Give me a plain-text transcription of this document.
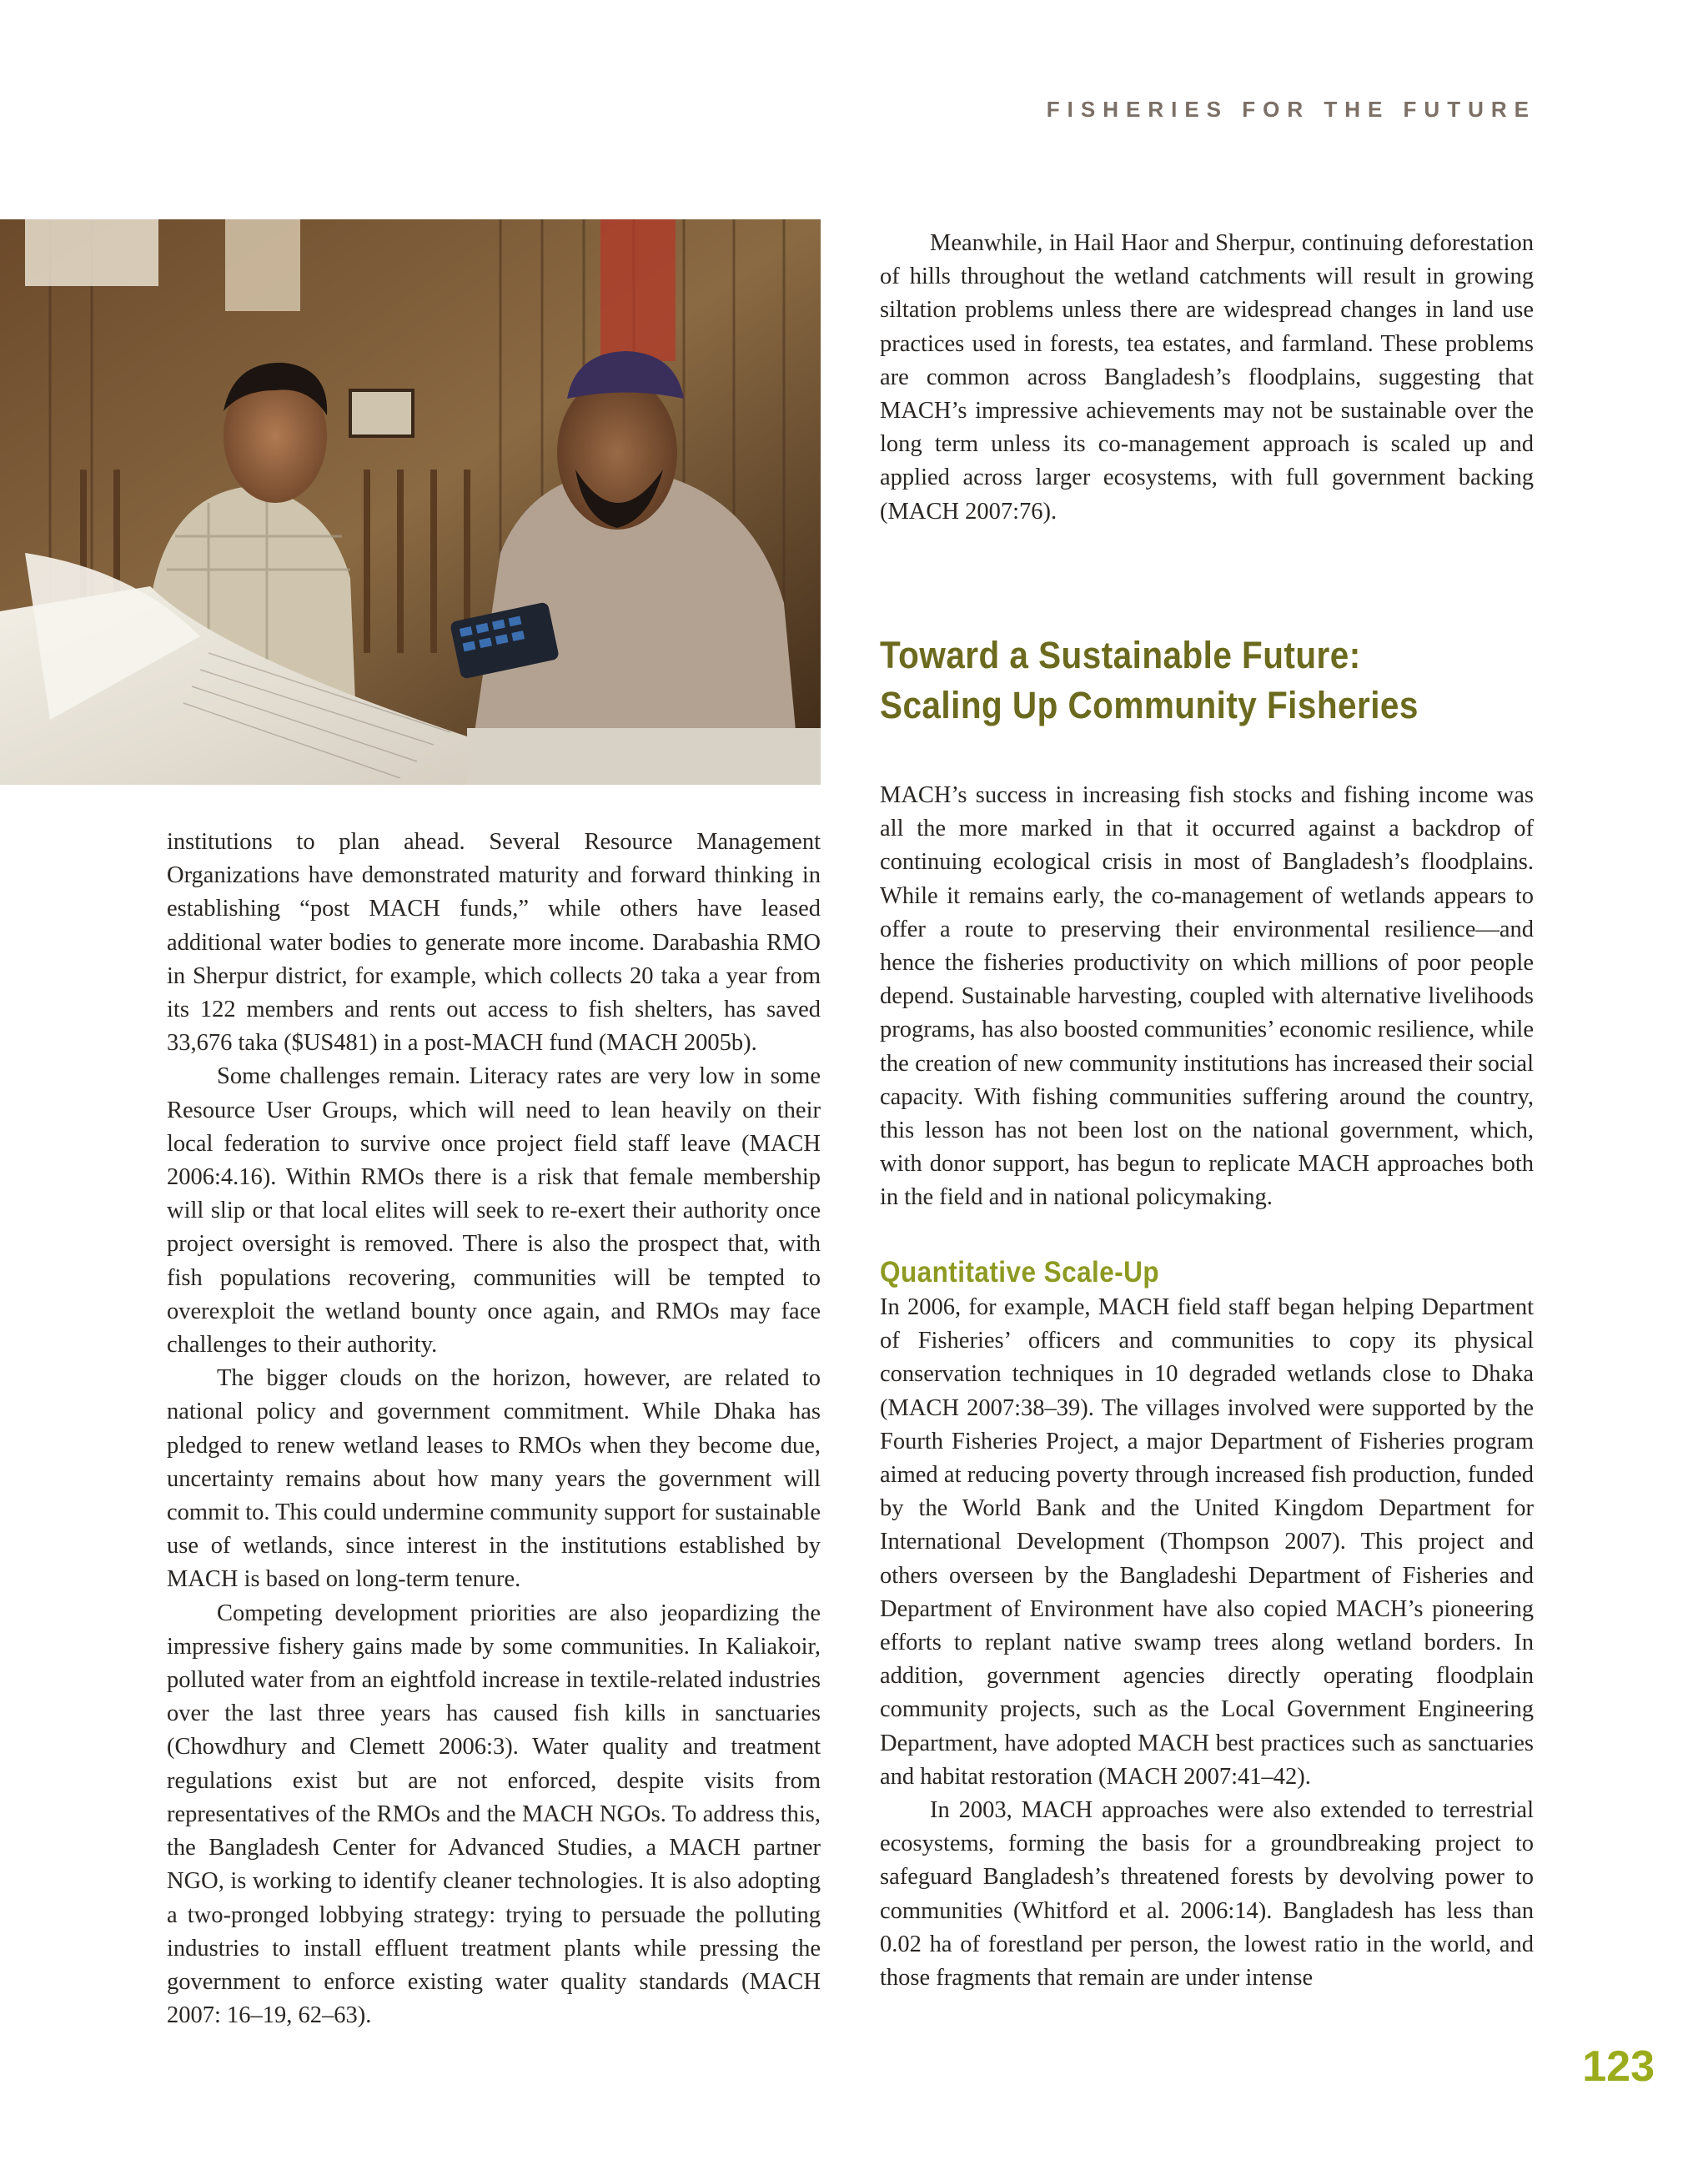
FISHERIES FOR THE FUTURE

institutions to plan ahead. Several Resource Management Organizations have demonstrated maturity and forward thinking in establishing “post MACH funds,” while others have leased additional water bodies to generate more income. Darabashia RMO in Sherpur district, for example, which collects 20 taka a year from its 122 members and rents out access to fish shelters, has saved 33,676 taka ($US481) in a post-MACH fund (MACH 2005b).

Some challenges remain. Literacy rates are very low in some Resource User Groups, which will need to lean heavily on their local federation to survive once project field staff leave (MACH 2006:4.16). Within RMOs there is a risk that female membership will slip or that local elites will seek to re-exert their authority once project oversight is removed. There is also the prospect that, with fish populations recovering, communities will be tempted to overexploit the wetland bounty once again, and RMOs may face challenges to their authority.

The bigger clouds on the horizon, however, are related to national policy and government commitment. While Dhaka has pledged to renew wetland leases to RMOs when they become due, uncertainty remains about how many years the government will commit to. This could undermine community support for sustainable use of wetlands, since interest in the institutions established by MACH is based on long-term tenure.

Competing development priorities are also jeopardizing the impressive fishery gains made by some communities. In Kaliakoir, polluted water from an eightfold increase in textile-related industries over the last three years has caused fish kills in sanctuaries (Chowdhury and Clemett 2006:3). Water quality and treatment regulations exist but are not enforced, despite visits from representatives of the RMOs and the MACH NGOs. To address this, the Bangladesh Center for Advanced Studies, a MACH partner NGO, is working to identify cleaner technologies. It is also adopting a two-pronged lobbying strategy: trying to persuade the polluting industries to install effluent treatment plants while pressing the government to enforce existing water quality standards (MACH 2007: 16–19, 62–63).

Meanwhile, in Hail Haor and Sherpur, continuing deforestation of hills throughout the wetland catchments will result in growing siltation problems unless there are widespread changes in land use practices used in forests, tea estates, and farmland. These problems are common across Bangladesh’s floodplains, suggesting that MACH’s impressive achievements may not be sustainable over the long term unless its co-management approach is scaled up and applied across larger ecosystems, with full government backing (MACH 2007:76).

Toward a Sustainable Future:
Scaling Up Community Fisheries

MACH’s success in increasing fish stocks and fishing income was all the more marked in that it occurred against a backdrop of continuing ecological crisis in most of Bangladesh’s floodplains. While it remains early, the co-management of wetlands appears to offer a route to preserving their environmental resilience—and hence the fisheries productivity on which millions of poor people depend. Sustainable harvesting, coupled with alternative livelihoods programs, has also boosted communities’ economic resilience, while the creation of new community institutions has increased their social capacity. With fishing communities suffering around the country, this lesson has not been lost on the national government, which, with donor support, has begun to replicate MACH approaches both in the field and in national policymaking.

Quantitative Scale-Up

In 2006, for example, MACH field staff began helping Department of Fisheries’ officers and communities to copy its physical conservation techniques in 10 degraded wetlands close to Dhaka (MACH 2007:38–39). The villages involved were supported by the Fourth Fisheries Project, a major Department of Fisheries program aimed at reducing poverty through increased fish production, funded by the World Bank and the United Kingdom Department for International Development (Thompson 2007). This project and others overseen by the Bangladeshi Department of Fisheries and Department of Environment have also copied MACH’s pioneering efforts to replant native swamp trees along wetland borders. In addition, government agencies directly operating floodplain community projects, such as the Local Government Engineering Department, have adopted MACH best practices such as sanctuaries and habitat restoration (MACH 2007:41–42).

In 2003, MACH approaches were also extended to terrestrial ecosystems, forming the basis for a groundbreaking project to safeguard Bangladesh’s threatened forests by devolving power to communities (Whitford et al. 2006:14). Bangladesh has less than 0.02 ha of forestland per person, the lowest ratio in the world, and those fragments that remain are under intense

123
